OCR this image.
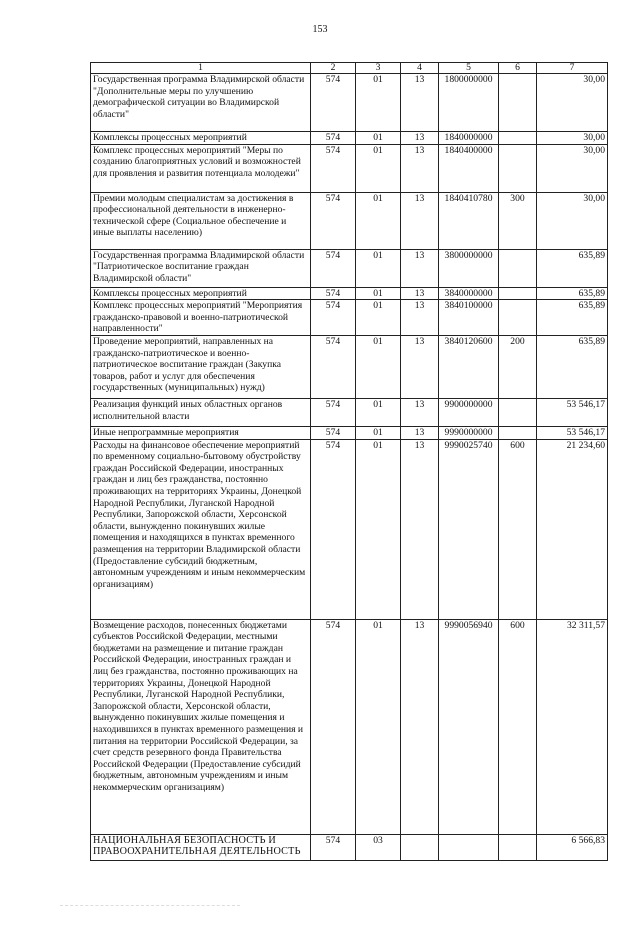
153
1	2	3	4	5	6	7
Государственная программа Владимирской области "Дополнительные меры по улучшению демографической ситуации во Владимирской области"	574	01	13	1800000000		30,00
Комплексы процессных мероприятий	574	01	13	1840000000		30,00
Комплекс процессных мероприятий "Меры по созданию благоприятных условий и возможностей для проявления и развития потенциала молодежи"	574	01	13	1840400000		30,00
Премии молодым специалистам за достижения в профессиональной деятельности в инженерно-технической сфере (Социальное обеспечение и иные выплаты населению)	574	01	13	1840410780	300	30,00
Государственная программа Владимирской области "Патриотическое воспитание граждан Владимирской области"	574	01	13	3800000000		635,89
Комплексы процессных мероприятий	574	01	13	3840000000		635,89
Комплекс процессных мероприятий "Мероприятия гражданско-правовой и военно-патриотической направленности"	574	01	13	3840100000		635,89
Проведение мероприятий, направленных на гражданско-патриотическое и военно-патриотическое воспитание граждан (Закупка товаров, работ и услуг для обеспечения государственных (муниципальных) нужд)	574	01	13	3840120600	200	635,89
Реализация функций иных областных органов исполнительной власти	574	01	13	9900000000		53 546,17
Иные непрограммные мероприятия	574	01	13	9990000000		53 546,17
Расходы на финансовое обеспечение мероприятий по временному социально-бытовому обустройству граждан Российской Федерации, иностранных граждан и лиц без гражданства, постоянно проживающих на территориях Украины, Донецкой Народной Республики, Луганской Народной Республики, Запорожской области, Херсонской области, вынужденно покинувших жилые помещения и находящихся в пунктах временного размещения на территории Владимирской области (Предоставление субсидий бюджетным, автономным учреждениям и иным некоммерческим организациям)	574	01	13	9990025740	600	21 234,60
Возмещение расходов, понесенных бюджетами субъектов Российской Федерации, местными бюджетами на размещение и питание граждан Российской Федерации, иностранных граждан и лиц без гражданства, постоянно проживающих на территориях Украины, Донецкой Народной Республики, Луганской Народной Республики, Запорожской области, Херсонской области, вынужденно покинувших жилые помещения и находившихся в пунктах временного размещения и питания на территории Российской Федерации, за счет средств резервного фонда Правительства Российской Федерации (Предоставление субсидий бюджетным, автономным учреждениям и иным некоммерческим организациям)	574	01	13	9990056940	600	32 311,57
НАЦИОНАЛЬНАЯ БЕЗОПАСНОСТЬ И ПРАВООХРАНИТЕЛЬНАЯ ДЕЯТЕЛЬНОСТЬ	574	03				6 566,83
